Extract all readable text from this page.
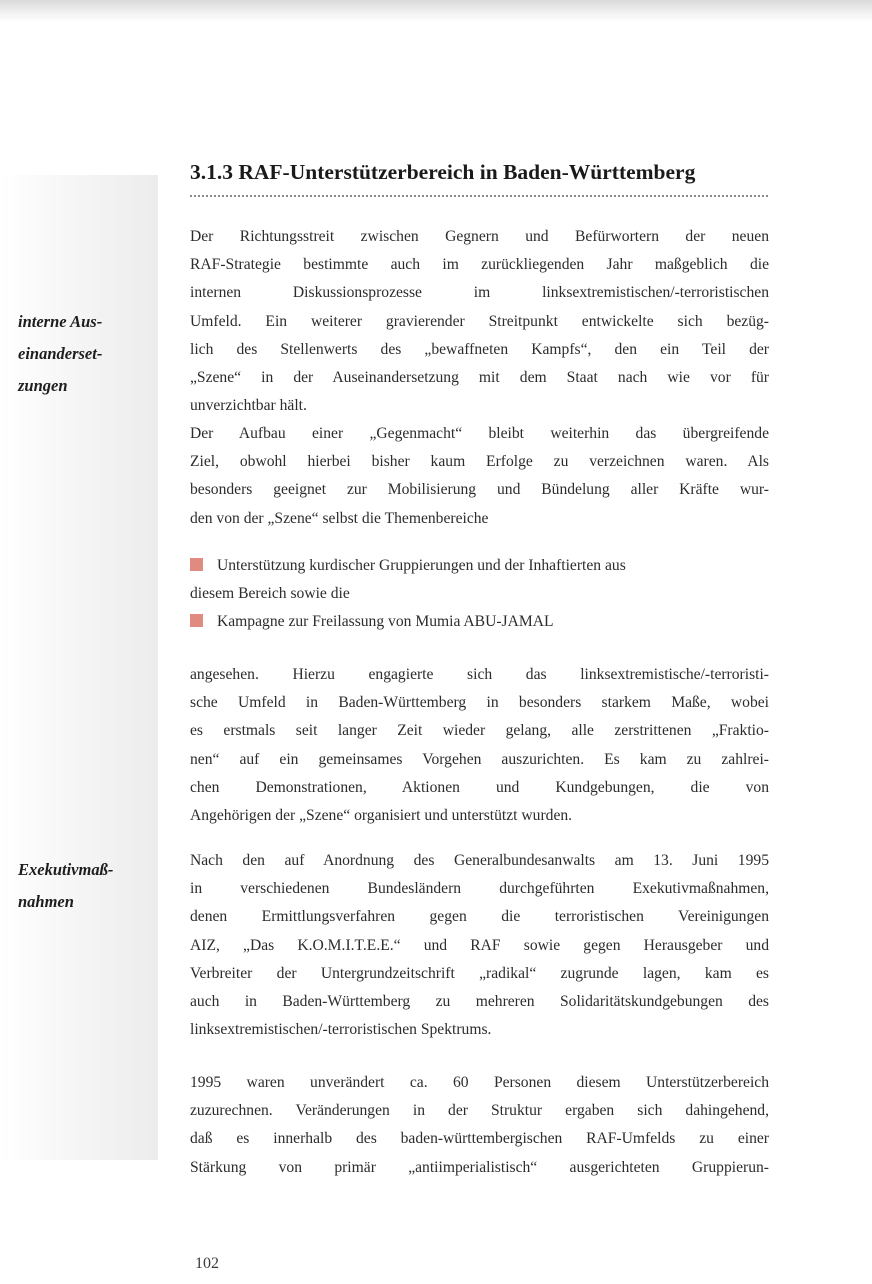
3.1.3 RAF-Unterstützerbereich in Baden-Württemberg
interne Aus-
einanderset-
zungen
Exekutivmaß-
nahmen
Der Richtungsstreit zwischen Gegnern und Befürwortern der neuen
RAF-Strategie bestimmte auch im zurückliegenden Jahr maßgeblich die
internen Diskussionsprozesse im linksextremistischen/-terroristischen
Umfeld. Ein weiterer gravierender Streitpunkt entwickelte sich bezüg-
lich des Stellenwerts des „bewaffneten Kampfs“, den ein Teil der
„Szene“ in der Auseinandersetzung mit dem Staat nach wie vor für
unverzichtbar hält.
Der Aufbau einer „Gegenmacht“ bleibt weiterhin das übergreifende
Ziel, obwohl hierbei bisher kaum Erfolge zu verzeichnen waren. Als
besonders geeignet zur Mobilisierung und Bündelung aller Kräfte wur-
den von der „Szene“ selbst die Themenbereiche
Unterstützung kurdischer Gruppierungen und der Inhaftierten aus
diesem Bereich sowie die
Kampagne zur Freilassung von Mumia ABU-JAMAL
angesehen. Hierzu engagierte sich das linksextremistische/-terroristi-
sche Umfeld in Baden-Württemberg in besonders starkem Maße, wobei
es erstmals seit langer Zeit wieder gelang, alle zerstrittenen „Fraktio-
nen“ auf ein gemeinsames Vorgehen auszurichten. Es kam zu zahlrei-
chen Demonstrationen, Aktionen und Kundgebungen, die von
Angehörigen der „Szene“ organisiert und unterstützt wurden.
Nach den auf Anordnung des Generalbundesanwalts am 13. Juni 1995
in verschiedenen Bundesländern durchgeführten Exekutivmaßnahmen,
denen Ermittlungsverfahren gegen die terroristischen Vereinigungen
AIZ, „Das K.O.M.I.T.E.E.“ und RAF sowie gegen Herausgeber und
Verbreiter der Untergrundzeitschrift „radikal“ zugrunde lagen, kam es
auch in Baden-Württemberg zu mehreren Solidaritätskundgebungen des
linksextremistischen/-terroristischen Spektrums.
1995 waren unverändert ca. 60 Personen diesem Unterstützerbereich
zuzurechnen. Veränderungen in der Struktur ergaben sich dahingehend,
daß es innerhalb des baden-württembergischen RAF-Umfelds zu einer
Stärkung von primär „antiimperialistisch“ ausgerichteten Gruppierun-
102
